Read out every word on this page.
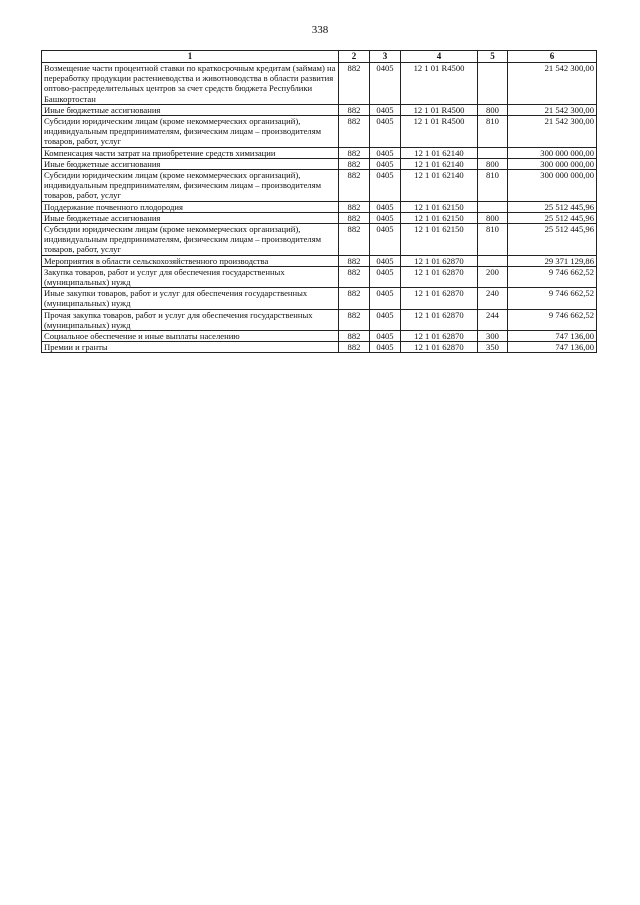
338
1	2	3	4	5	6
Возмещение части процентной ставки по краткосрочным кредитам (займам) на переработку продукции растениеводства и животноводства в области развития оптово-распределительных центров за счет средств бюджета Республики Башкортостан	882	0405	12 1 01 R4500		21 542 300,00
Иные бюджетные ассигнования	882	0405	12 1 01 R4500	800	21 542 300,00
Субсидии юридическим лицам (кроме некоммерческих организаций), индивидуальным предпринимателям, физическим лицам – производителям товаров, работ, услуг	882	0405	12 1 01 R4500	810	21 542 300,00
Компенсация части затрат на приобретение средств химизации	882	0405	12 1 01 62140		300 000 000,00
Иные бюджетные ассигнования	882	0405	12 1 01 62140	800	300 000 000,00
Субсидии юридическим лицам (кроме некоммерческих организаций), индивидуальным предпринимателям, физическим лицам – производителям товаров, работ, услуг	882	0405	12 1 01 62140	810	300 000 000,00
Поддержание почвенного плодородия	882	0405	12 1 01 62150		25 512 445,96
Иные бюджетные ассигнования	882	0405	12 1 01 62150	800	25 512 445,96
Субсидии юридическим лицам (кроме некоммерческих организаций), индивидуальным предпринимателям, физическим лицам – производителям товаров, работ, услуг	882	0405	12 1 01 62150	810	25 512 445,96
Мероприятия в области сельскохозяйственного производства	882	0405	12 1 01 62870		29 371 129,86
Закупка товаров, работ и услуг для обеспечения государственных (муниципальных) нужд	882	0405	12 1 01 62870	200	9 746 662,52
Иные закупки товаров, работ и услуг для обеспечения государственных (муниципальных) нужд	882	0405	12 1 01 62870	240	9 746 662,52
Прочая закупка товаров, работ и услуг для обеспечения государственных (муниципальных) нужд	882	0405	12 1 01 62870	244	9 746 662,52
Социальное обеспечение и иные выплаты населению	882	0405	12 1 01 62870	300	747 136,00
Премии и гранты	882	0405	12 1 01 62870	350	747 136,00
